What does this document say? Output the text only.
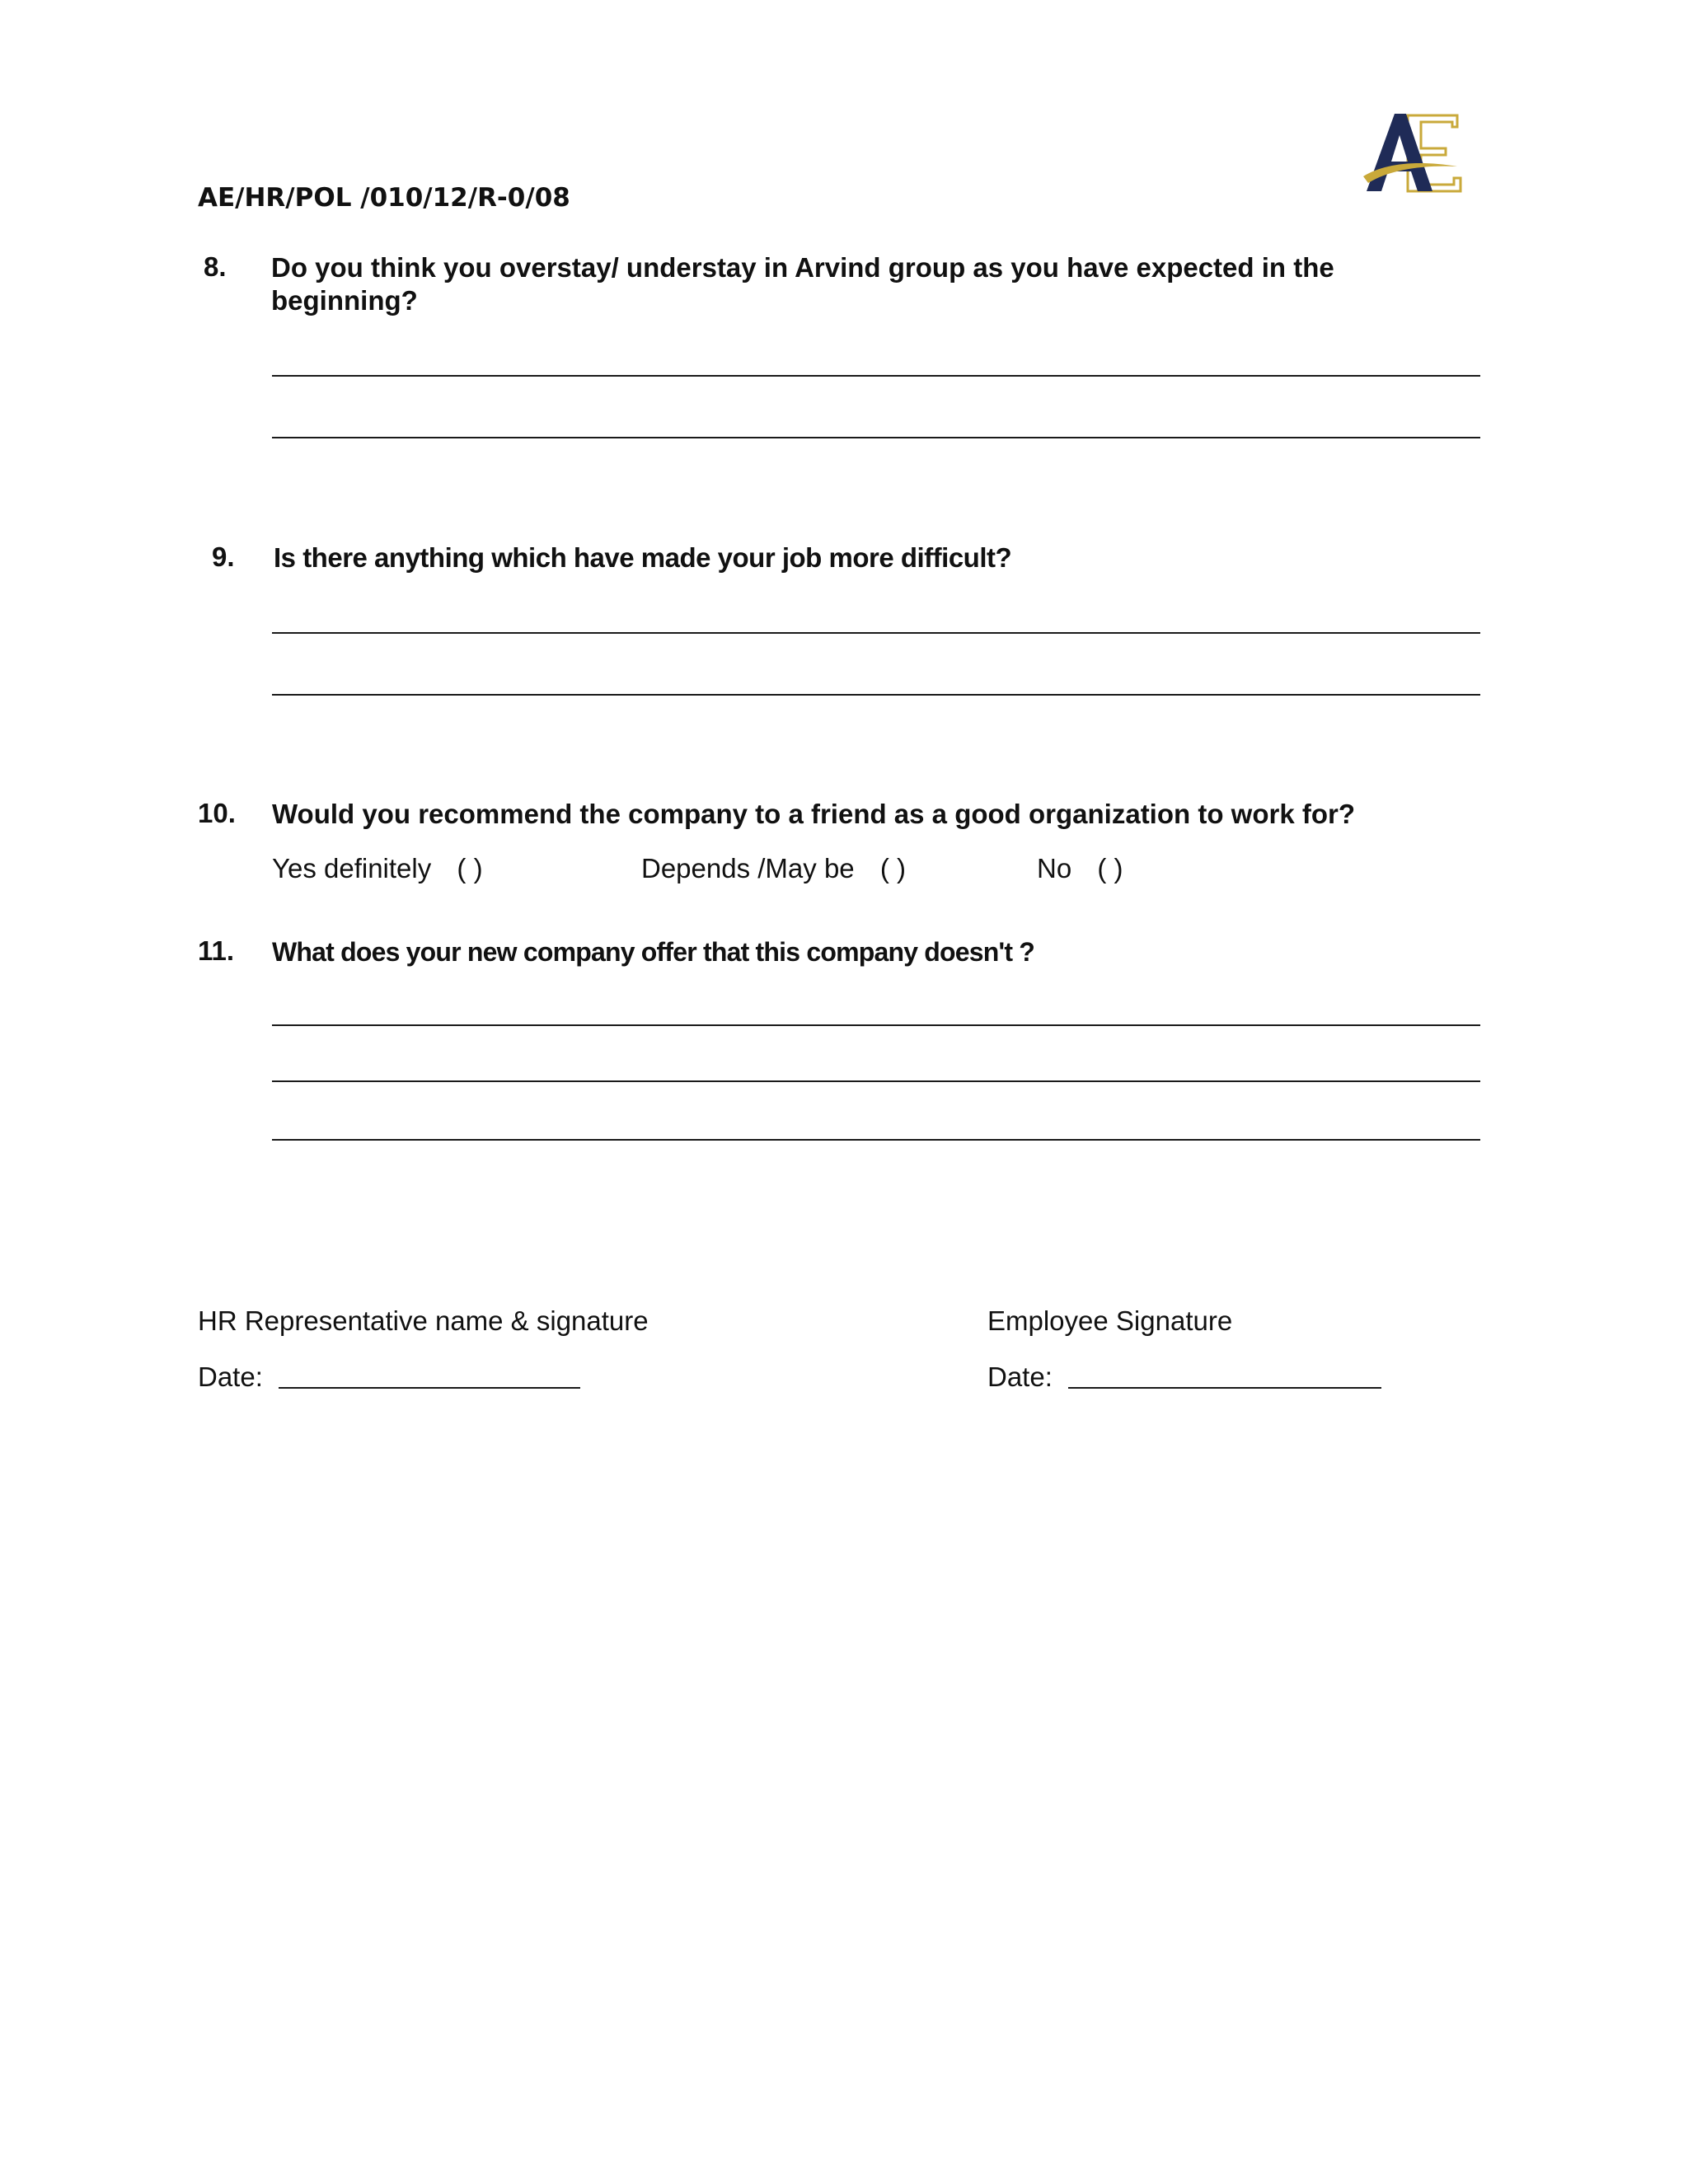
AE/HR/POL /010/12/R-0/08
8. Do you think you overstay/ understay in Arvind group as you have expected in the beginning?
9. Is there anything which have made your job more difficult?
10. Would you recommend the company to a friend as a good organization to work for?
Yes definitely ( )	Depends /May be ( )	No ( )
11. What does your new company offer that this company doesn't ?
HR Representative name & signature	Employee Signature
Date:	Date:
